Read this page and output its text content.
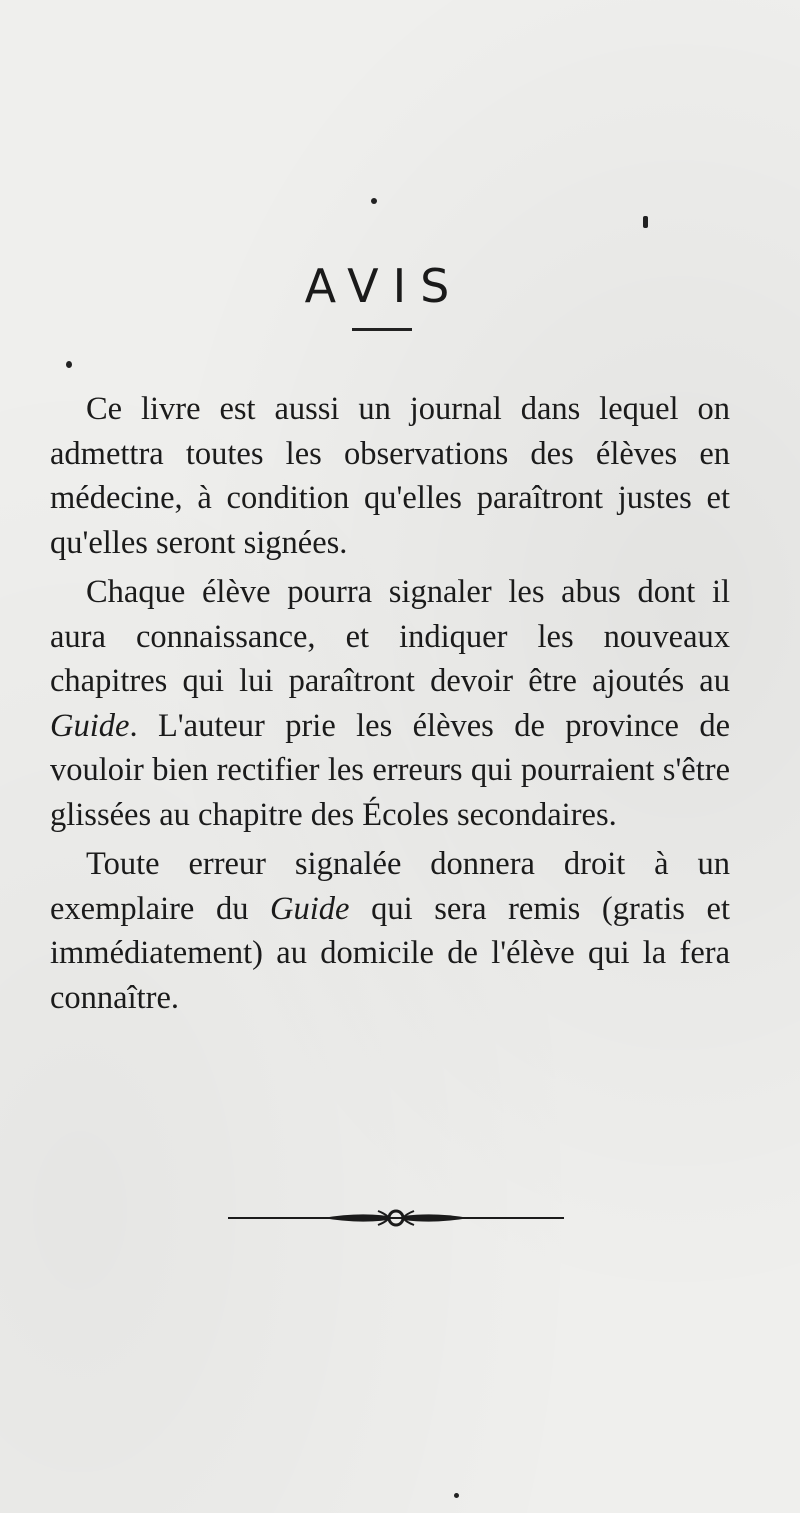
AVIS

Ce livre est aussi un journal dans lequel on admettra toutes les observations des élèves en médecine, à condition qu'elles paraîtront justes et qu'elles seront signées.

Chaque élève pourra signaler les abus dont il aura connaissance, et indiquer les nouveaux chapitres qui lui paraîtront devoir être ajoutés au Guide. L'auteur prie les élèves de province de vouloir bien rectifier les erreurs qui pourraient s'être glissées au chapitre des Écoles secondaires.

Toute erreur signalée donnera droit à un exemplaire du Guide qui sera remis (gratis et immédiatement) au domicile de l'élève qui la fera connaître.
